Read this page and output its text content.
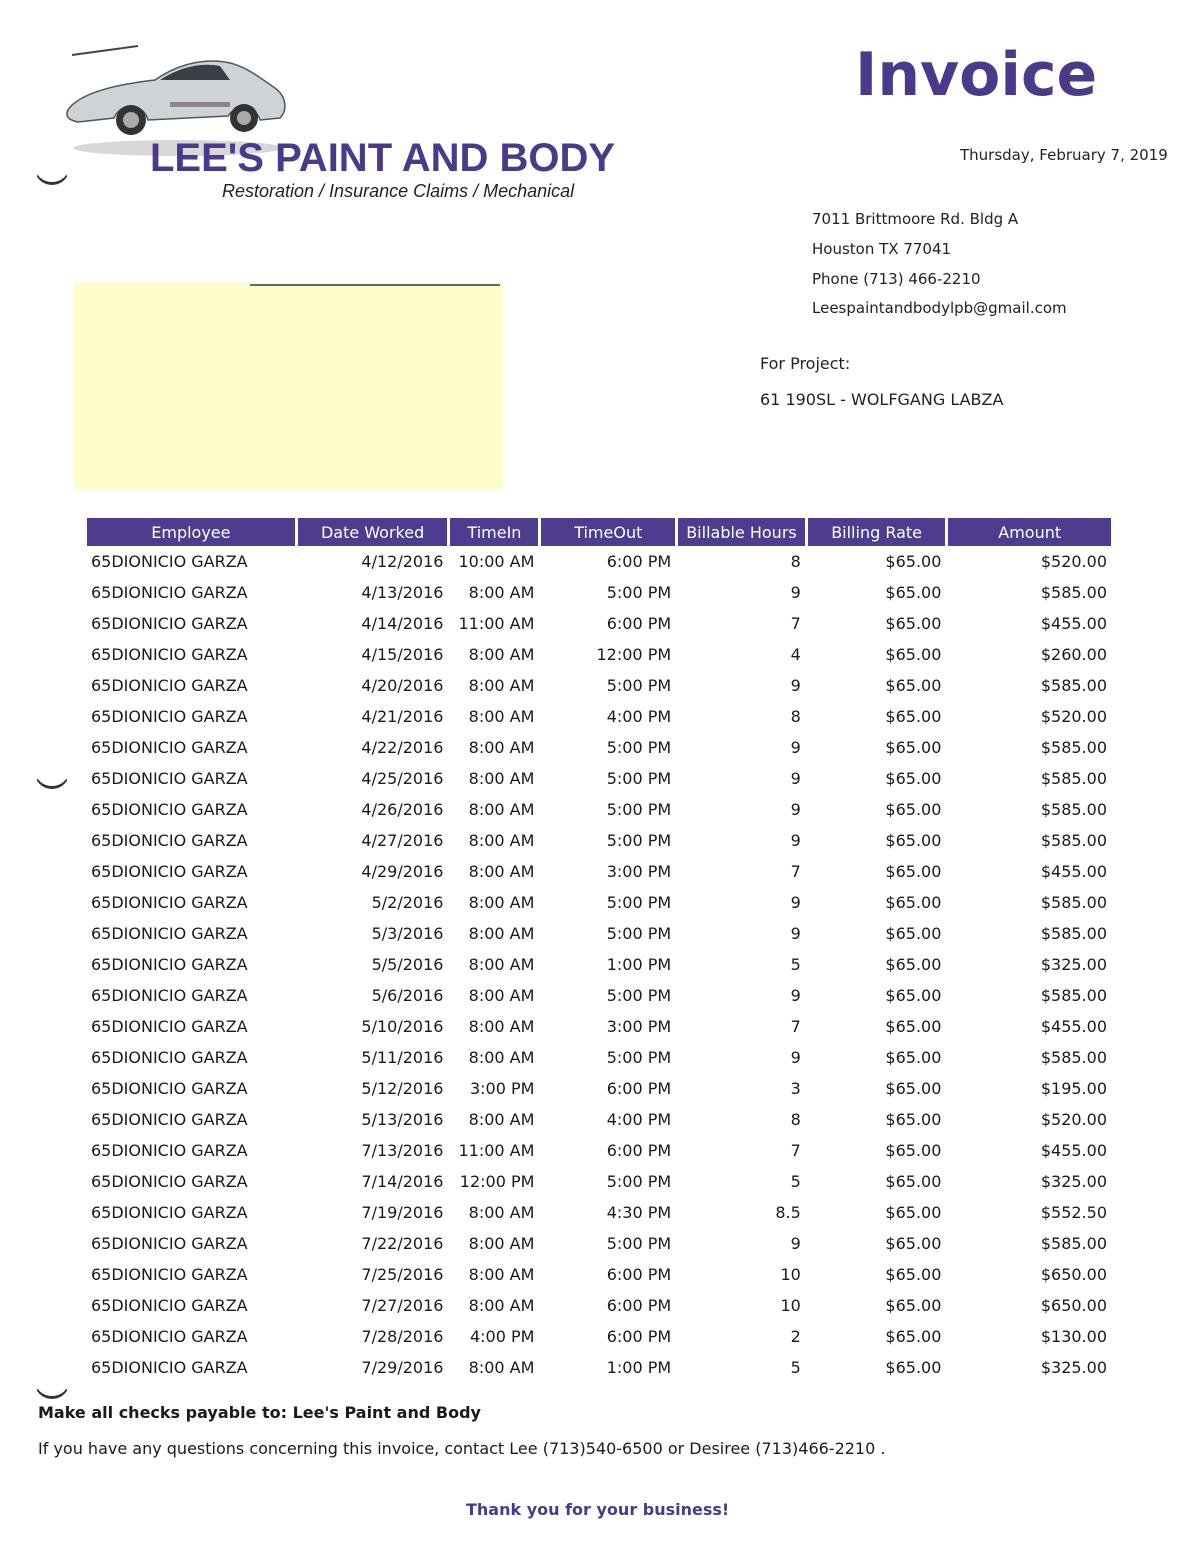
LEE'S PAINT AND BODY
Restoration / Insurance Claims / Mechanical
Invoice
Thursday, February 7, 2019
7011 Brittmoore Rd. Bldg A
Houston TX 77041
Phone (713) 466-2210
Leespaintandbodylpb@gmail.com
For Project:
61 190SL - WOLFGANG LABZA
Employee	Date Worked	TimeIn	TimeOut	Billable Hours	Billing Rate	Amount
65DIONICIO GARZA	4/12/2016	10:00 AM	6:00 PM	8	$65.00	$520.00
65DIONICIO GARZA	4/13/2016	8:00 AM	5:00 PM	9	$65.00	$585.00
65DIONICIO GARZA	4/14/2016	11:00 AM	6:00 PM	7	$65.00	$455.00
65DIONICIO GARZA	4/15/2016	8:00 AM	12:00 PM	4	$65.00	$260.00
65DIONICIO GARZA	4/20/2016	8:00 AM	5:00 PM	9	$65.00	$585.00
65DIONICIO GARZA	4/21/2016	8:00 AM	4:00 PM	8	$65.00	$520.00
65DIONICIO GARZA	4/22/2016	8:00 AM	5:00 PM	9	$65.00	$585.00
65DIONICIO GARZA	4/25/2016	8:00 AM	5:00 PM	9	$65.00	$585.00
65DIONICIO GARZA	4/26/2016	8:00 AM	5:00 PM	9	$65.00	$585.00
65DIONICIO GARZA	4/27/2016	8:00 AM	5:00 PM	9	$65.00	$585.00
65DIONICIO GARZA	4/29/2016	8:00 AM	3:00 PM	7	$65.00	$455.00
65DIONICIO GARZA	5/2/2016	8:00 AM	5:00 PM	9	$65.00	$585.00
65DIONICIO GARZA	5/3/2016	8:00 AM	5:00 PM	9	$65.00	$585.00
65DIONICIO GARZA	5/5/2016	8:00 AM	1:00 PM	5	$65.00	$325.00
65DIONICIO GARZA	5/6/2016	8:00 AM	5:00 PM	9	$65.00	$585.00
65DIONICIO GARZA	5/10/2016	8:00 AM	3:00 PM	7	$65.00	$455.00
65DIONICIO GARZA	5/11/2016	8:00 AM	5:00 PM	9	$65.00	$585.00
65DIONICIO GARZA	5/12/2016	3:00 PM	6:00 PM	3	$65.00	$195.00
65DIONICIO GARZA	5/13/2016	8:00 AM	4:00 PM	8	$65.00	$520.00
65DIONICIO GARZA	7/13/2016	11:00 AM	6:00 PM	7	$65.00	$455.00
65DIONICIO GARZA	7/14/2016	12:00 PM	5:00 PM	5	$65.00	$325.00
65DIONICIO GARZA	7/19/2016	8:00 AM	4:30 PM	8.5	$65.00	$552.50
65DIONICIO GARZA	7/22/2016	8:00 AM	5:00 PM	9	$65.00	$585.00
65DIONICIO GARZA	7/25/2016	8:00 AM	6:00 PM	10	$65.00	$650.00
65DIONICIO GARZA	7/27/2016	8:00 AM	6:00 PM	10	$65.00	$650.00
65DIONICIO GARZA	7/28/2016	4:00 PM	6:00 PM	2	$65.00	$130.00
65DIONICIO GARZA	7/29/2016	8:00 AM	1:00 PM	5	$65.00	$325.00
Make all checks payable to: Lee's Paint and Body
If you have any questions concerning this invoice, contact Lee (713)540-6500 or Desiree (713)466-2210 .
Thank you for your business!
